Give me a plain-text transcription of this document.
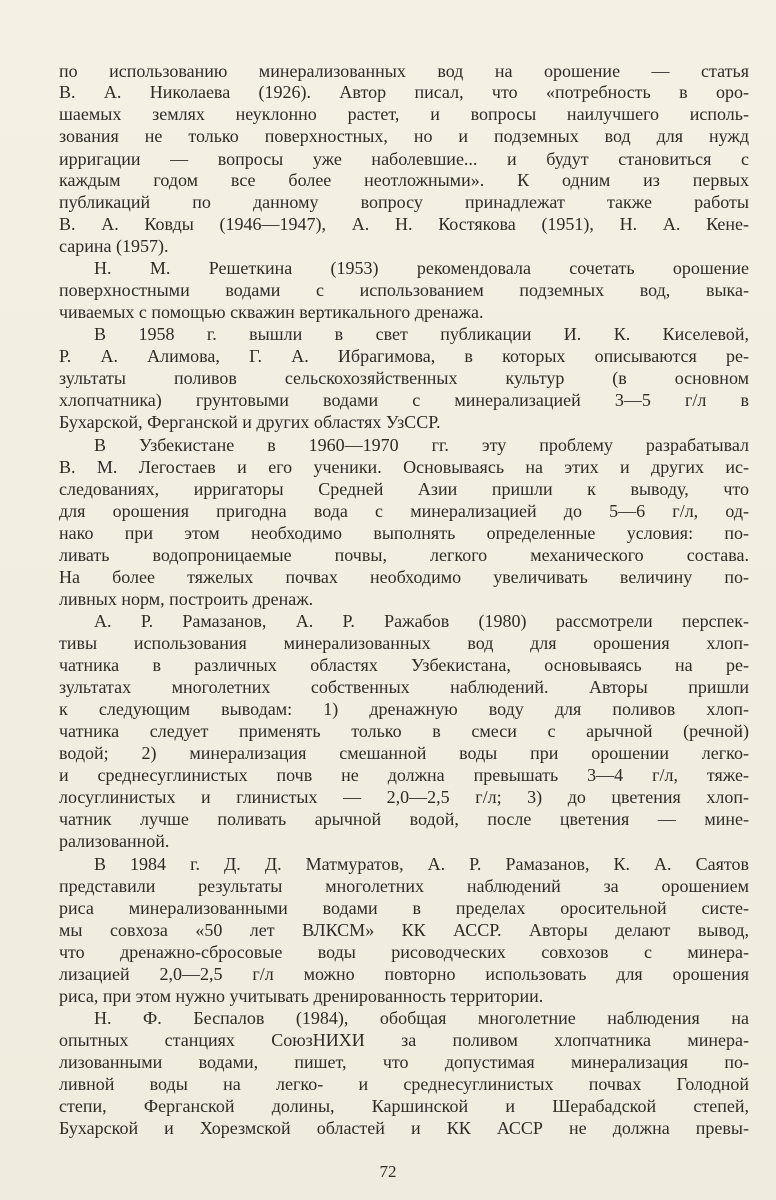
по использованию минерализованных вод на орошение — статья
В. А. Николаева (1926). Автор писал, что «потребность в оро-
шаемых землях неуклонно растет, и вопросы наилучшего исполь-
зования не только поверхностных, но и подземных вод для нужд
ирригации — вопросы уже наболевшие... и будут становиться с
каждым годом все более неотложными». К одним из первых
публикаций по данному вопросу принадлежат также работы
В. А. Ковды (1946—1947), А. Н. Костякова (1951), Н. А. Кене-
сарина (1957).
Н. М. Решеткина (1953) рекомендовала сочетать орошение
поверхностными водами с использованием подземных вод, выка-
чиваемых с помощью скважин вертикального дренажа.
В 1958 г. вышли в свет публикации И. К. Киселевой,
Р. А. Алимова, Г. А. Ибрагимова, в которых описываются ре-
зультаты поливов сельскохозяйственных культур (в основном
хлопчатника) грунтовыми водами с минерализацией 3—5 г/л в
Бухарской, Ферганской и других областях УзССР.
В Узбекистане в 1960—1970 гг. эту проблему разрабатывал
В. М. Легостаев и его ученики. Основываясь на этих и других ис-
следованиях, ирригаторы Средней Азии пришли к выводу, что
для орошения пригодна вода с минерализацией до 5—6 г/л, од-
нако при этом необходимо выполнять определенные условия: по-
ливать водопроницаемые почвы, легкого механического состава.
На более тяжелых почвах необходимо увеличивать величину по-
ливных норм, построить дренаж.
А. Р. Рамазанов, А. Р. Ражабов (1980) рассмотрели перспек-
тивы использования минерализованных вод для орошения хлоп-
чатника в различных областях Узбекистана, основываясь на ре-
зультатах многолетних собственных наблюдений. Авторы пришли
к следующим выводам: 1) дренажную воду для поливов хлоп-
чатника следует применять только в смеси с арычной (речной)
водой; 2) минерализация смешанной воды при орошении легко-
и среднесуглинистых почв не должна превышать 3—4 г/л, тяже-
лосуглинистых и глинистых — 2,0—2,5 г/л; 3) до цветения хлоп-
чатник лучше поливать арычной водой, после цветения — мине-
рализованной.
В 1984 г. Д. Д. Матмуратов, А. Р. Рамазанов, К. А. Саятов
представили результаты многолетних наблюдений за орошением
риса минерализованными водами в пределах оросительной систе-
мы совхоза «50 лет ВЛКСМ» КК АССР. Авторы делают вывод,
что дренажно-сбросовые воды рисоводческих совхозов с минера-
лизацией 2,0—2,5 г/л можно повторно использовать для орошения
риса, при этом нужно учитывать дренированность территории.
Н. Ф. Беспалов (1984), обобщая многолетние наблюдения на
опытных станциях СоюзНИХИ за поливом хлопчатника минера-
лизованными водами, пишет, что допустимая минерализация по-
ливной воды на легко- и среднесуглинистых почвах Голодной
степи, Ферганской долины, Каршинской и Шерабадской степей,
Бухарской и Хорезмской областей и КК АССР не должна превы-
72
